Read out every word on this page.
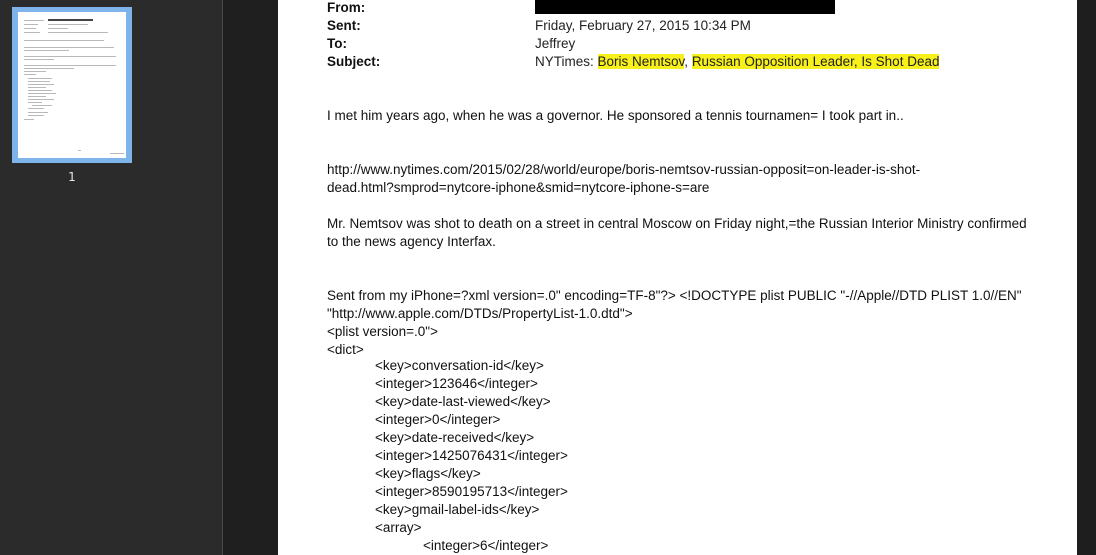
1
From:
Sent:	Friday, February 27, 2015 10:34 PM
To:	Jeffrey
Subject:	NYTimes: Boris Nemtsov, Russian Opposition Leader, Is Shot Dead

I met him years ago, when he was a governor. He sponsored a tennis tournamen= I took part in..

http://www.nytimes.com/2015/02/28/world/europe/boris-nemtsov-russian-opposit=on-leader-is-shot-

dead.html?smprod=nytcore-iphone&smid=nytcore-iphone-s=are

Mr. Nemtsov was shot to death on a street in central Moscow on Friday night,=the Russian Interior Ministry confirmed

to the news agency Interfax.

Sent from my iPhone=?xml version=.0" encoding=TF-8"?> <!DOCTYPE plist PUBLIC "-//Apple//DTD PLIST 1.0//EN"

"http://www.apple.com/DTDs/PropertyList-1.0.dtd">

<plist version=.0">

<dict>

<key>conversation-id</key>
<integer>123646</integer>
<key>date-last-viewed</key>
<integer>0</integer>
<key>date-received</key>
<integer>1425076431</integer>
<key>flags</key>
<integer>8590195713</integer>
<key>gmail-label-ids</key>
<array>
<integer>6</integer>
